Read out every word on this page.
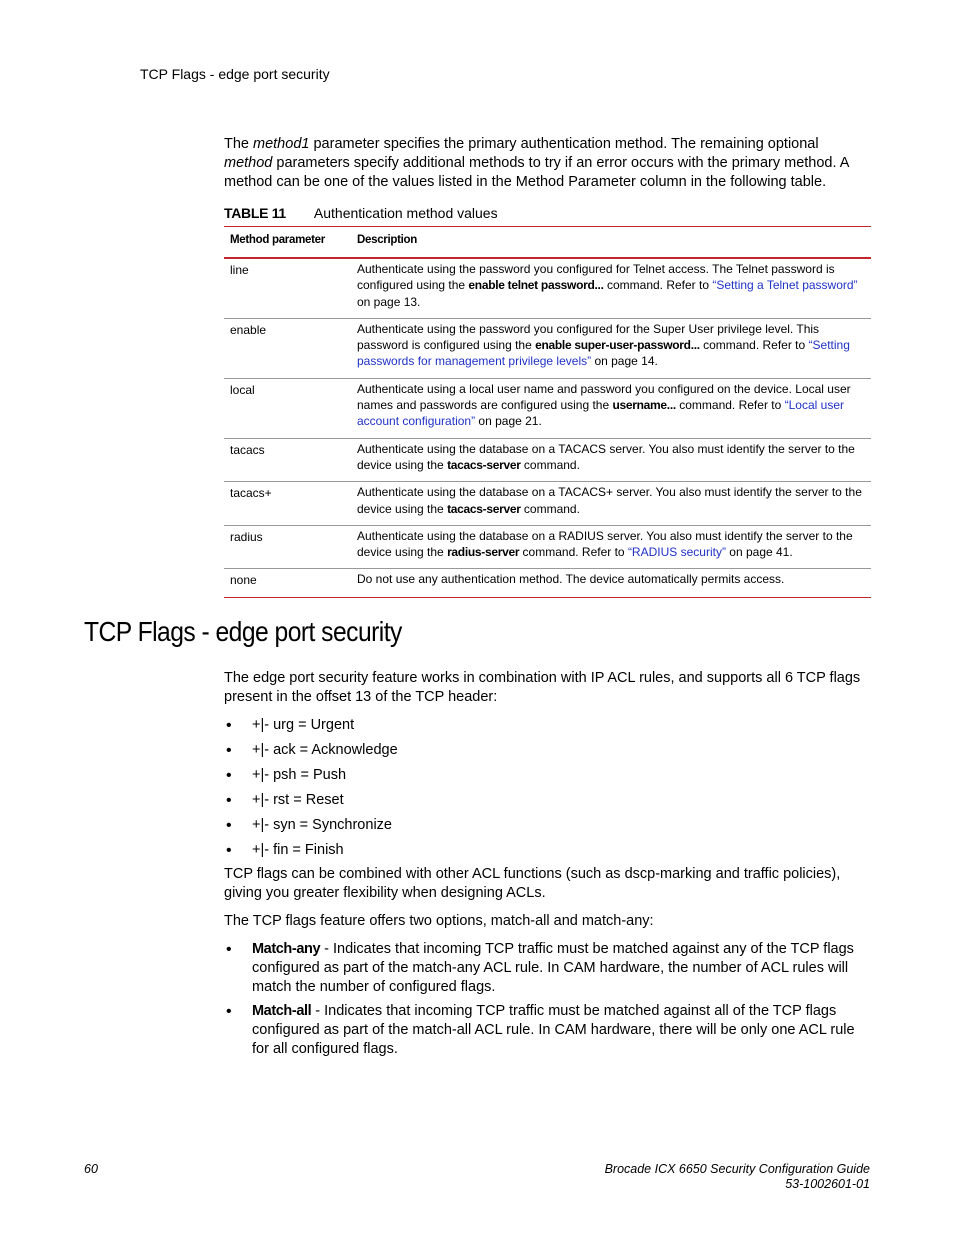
TCP Flags - edge port security

The method1 parameter specifies the primary authentication method. The remaining optional method parameters specify additional methods to try if an error occurs with the primary method. A method can be one of the values listed in the Method Parameter column in the following table.

TABLE 11 Authentication method values
Method parameter	Description
line	Authenticate using the password you configured for Telnet access. The Telnet password is configured using the enable telnet password... command. Refer to “Setting a Telnet password” on page 13.
enable	Authenticate using the password you configured for the Super User privilege level. This password is configured using the enable super-user-password... command. Refer to “Setting passwords for management privilege levels” on page 14.
local	Authenticate using a local user name and password you configured on the device. Local user names and passwords are configured using the username... command. Refer to “Local user account configuration” on page 21.
tacacs	Authenticate using the database on a TACACS server. You also must identify the server to the device using the tacacs-server command.
tacacs+	Authenticate using the database on a TACACS+ server. You also must identify the server to the device using the tacacs-server command.
radius	Authenticate using the database on a RADIUS server. You also must identify the server to the device using the radius-server command. Refer to “RADIUS security” on page 41.
none	Do not use any authentication method. The device automatically permits access.
TCP Flags - edge port security

The edge port security feature works in combination with IP ACL rules, and supports all 6 TCP flags present in the offset 13 of the TCP header:

• +|- urg = Urgent
• +|- ack = Acknowledge
• +|- psh = Push
• +|- rst = Reset
• +|- syn = Synchronize
• +|- fin = Finish

TCP flags can be combined with other ACL functions (such as dscp-marking and traffic policies), giving you greater flexibility when designing ACLs.

The TCP flags feature offers two options, match-all and match-any:

• Match-any - Indicates that incoming TCP traffic must be matched against any of the TCP flags configured as part of the match-any ACL rule. In CAM hardware, the number of ACL rules will match the number of configured flags.
• Match-all - Indicates that incoming TCP traffic must be matched against all of the TCP flags configured as part of the match-all ACL rule. In CAM hardware, there will be only one ACL rule for all configured flags.
60	Brocade ICX 6650 Security Configuration Guide
53-1002601-01
